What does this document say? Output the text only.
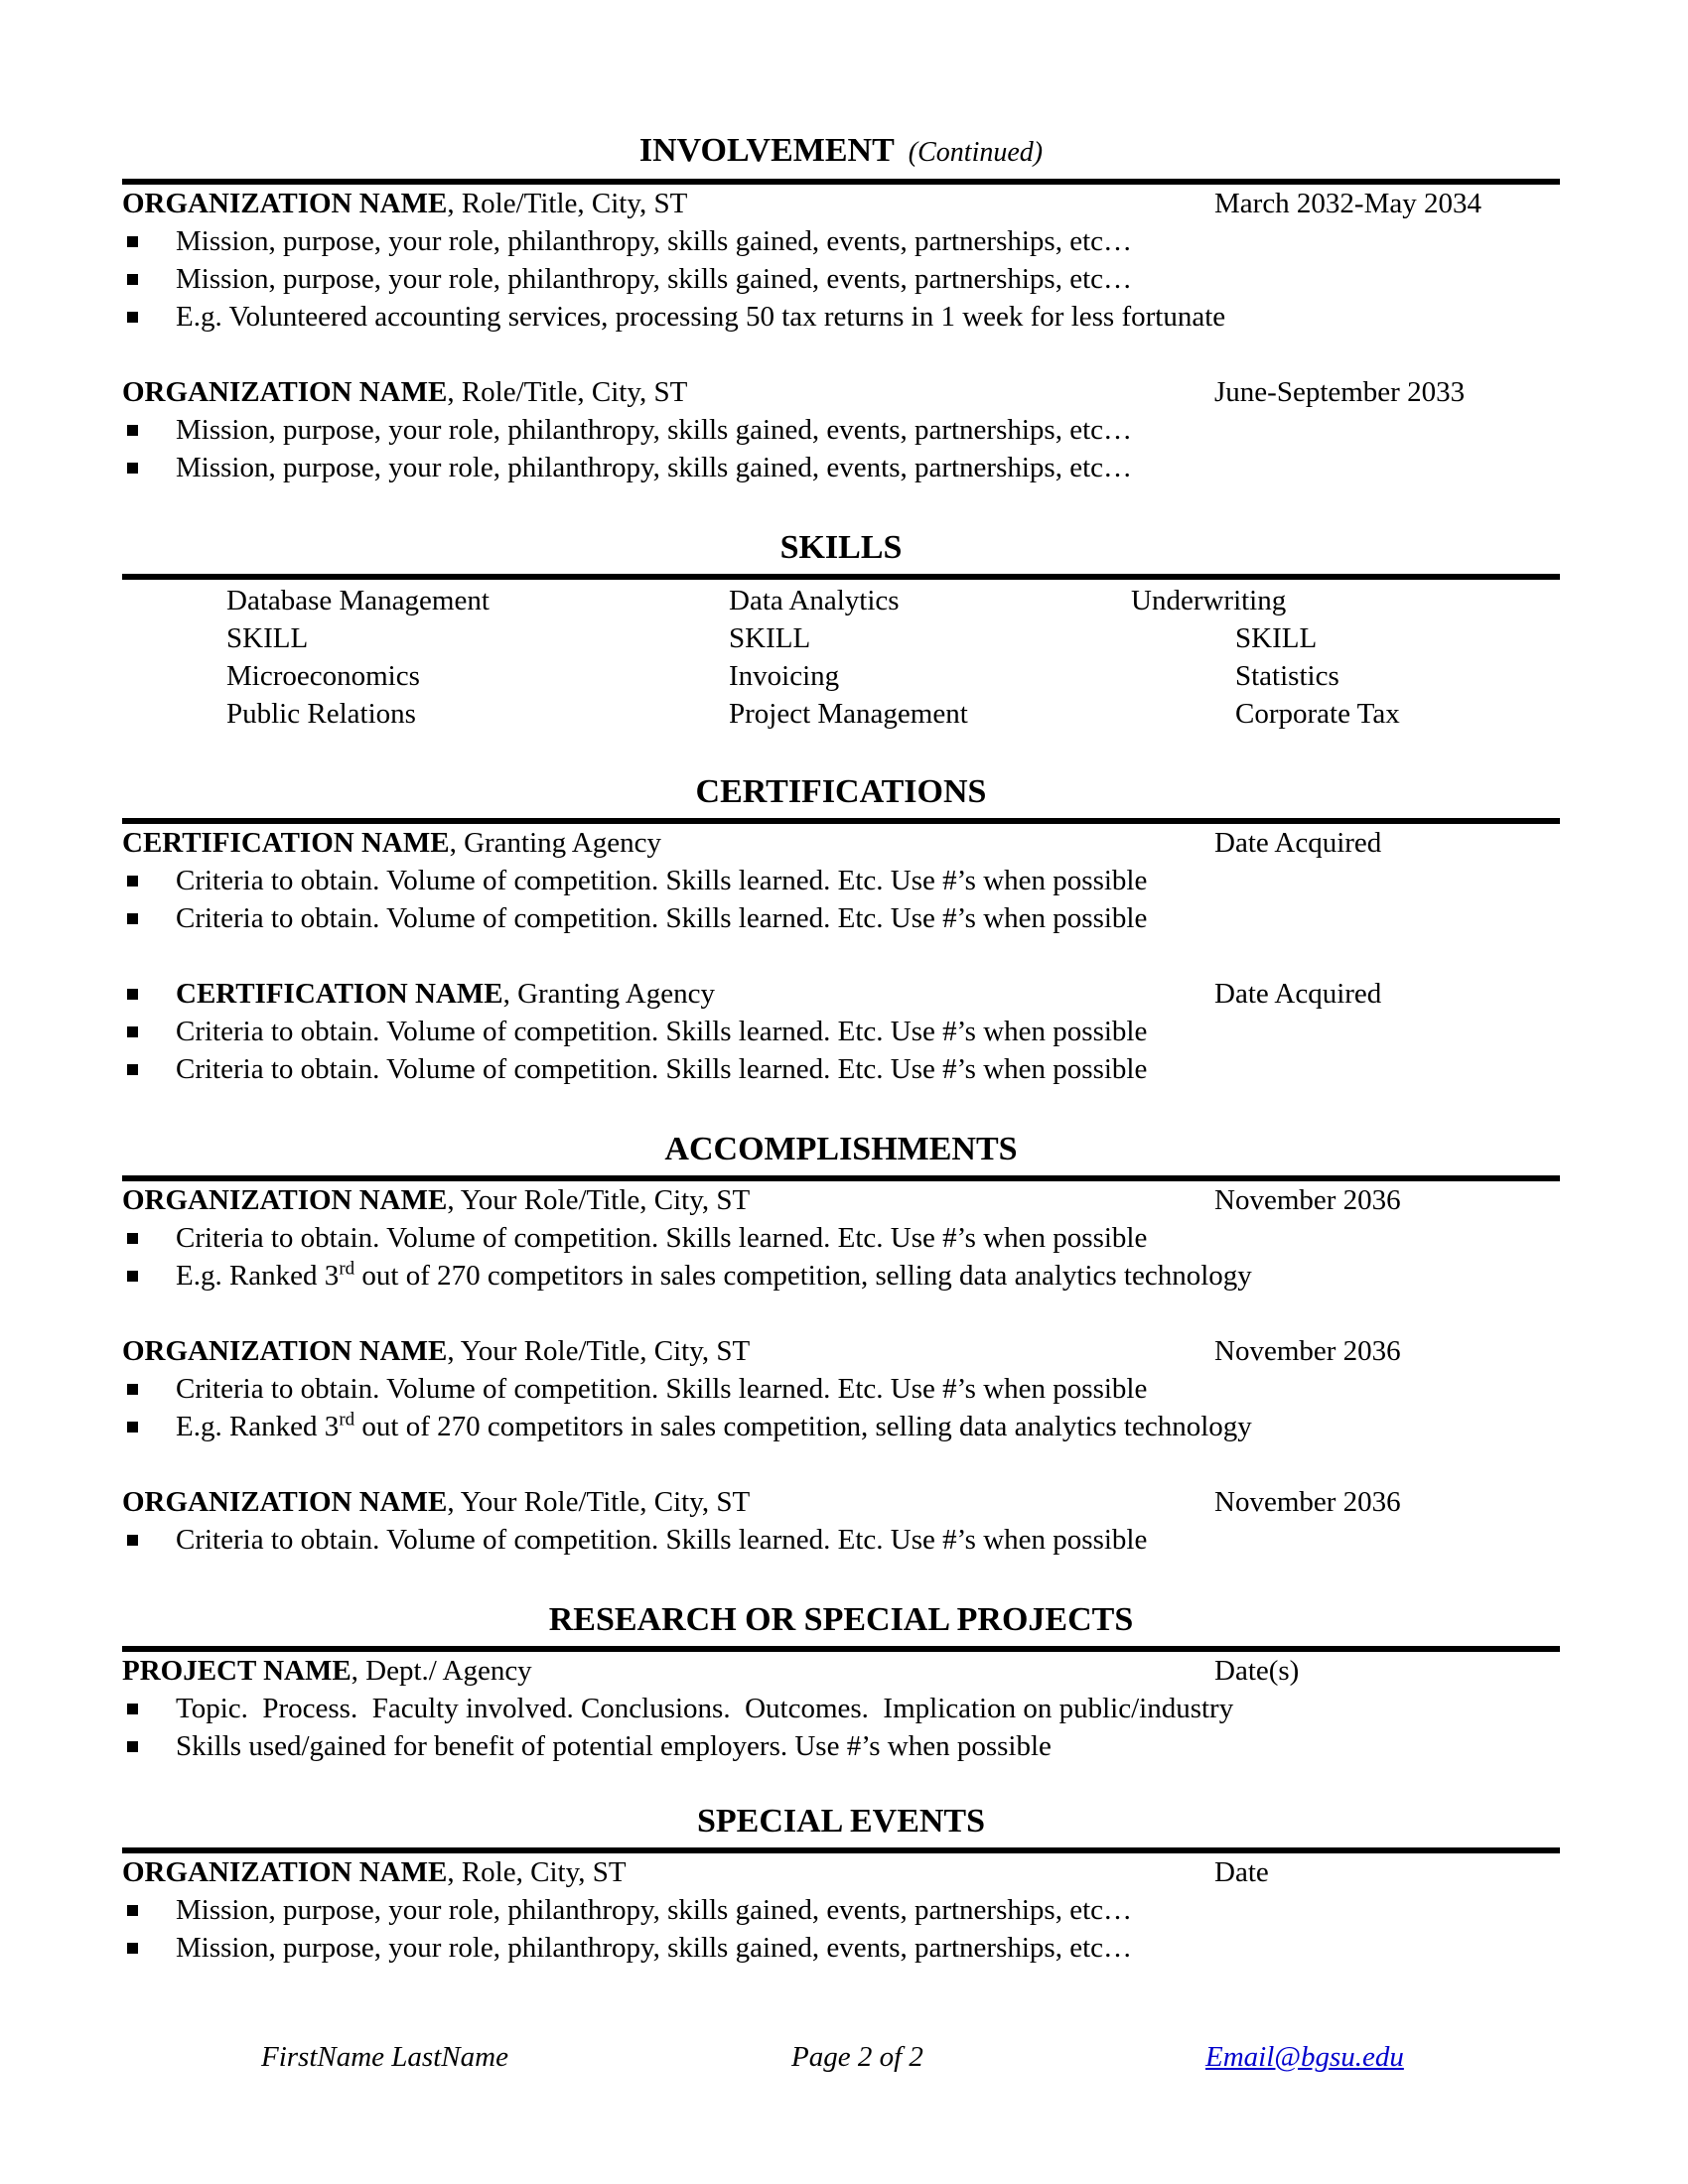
INVOLVEMENT (Continued)
ORGANIZATION NAME, Role/Title, City, ST	March 2032-May 2034
Mission, purpose, your role, philanthropy, skills gained, events, partnerships, etc…
Mission, purpose, your role, philanthropy, skills gained, events, partnerships, etc…
E.g. Volunteered accounting services, processing 50 tax returns in 1 week for less fortunate
ORGANIZATION NAME, Role/Title, City, ST	June-September 2033
Mission, purpose, your role, philanthropy, skills gained, events, partnerships, etc…
Mission, purpose, your role, philanthropy, skills gained, events, partnerships, etc…
SKILLS
Database Management	Data Analytics	Underwriting
SKILL	SKILL	SKILL
Microeconomics	Invoicing	Statistics
Public Relations	Project Management	Corporate Tax
CERTIFICATIONS
CERTIFICATION NAME, Granting Agency	Date Acquired
Criteria to obtain. Volume of competition. Skills learned. Etc. Use #’s when possible
Criteria to obtain. Volume of competition. Skills learned. Etc. Use #’s when possible
CERTIFICATION NAME, Granting Agency	Date Acquired
Criteria to obtain. Volume of competition. Skills learned. Etc. Use #’s when possible
Criteria to obtain. Volume of competition. Skills learned. Etc. Use #’s when possible
ACCOMPLISHMENTS
ORGANIZATION NAME, Your Role/Title, City, ST	November 2036
Criteria to obtain. Volume of competition. Skills learned. Etc. Use #’s when possible
E.g. Ranked 3rd out of 270 competitors in sales competition, selling data analytics technology
ORGANIZATION NAME, Your Role/Title, City, ST	November 2036
Criteria to obtain. Volume of competition. Skills learned. Etc. Use #’s when possible
E.g. Ranked 3rd out of 270 competitors in sales competition, selling data analytics technology
ORGANIZATION NAME, Your Role/Title, City, ST	November 2036
Criteria to obtain. Volume of competition. Skills learned. Etc. Use #’s when possible
RESEARCH OR SPECIAL PROJECTS
PROJECT NAME, Dept./ Agency	Date(s)
Topic.  Process.  Faculty involved. Conclusions.  Outcomes.  Implication on public/industry
Skills used/gained for benefit of potential employers. Use #’s when possible
SPECIAL EVENTS
ORGANIZATION NAME, Role, City, ST	Date
Mission, purpose, your role, philanthropy, skills gained, events, partnerships, etc…
Mission, purpose, your role, philanthropy, skills gained, events, partnerships, etc…
FirstName LastName	Page 2 of 2	Email@bgsu.edu
